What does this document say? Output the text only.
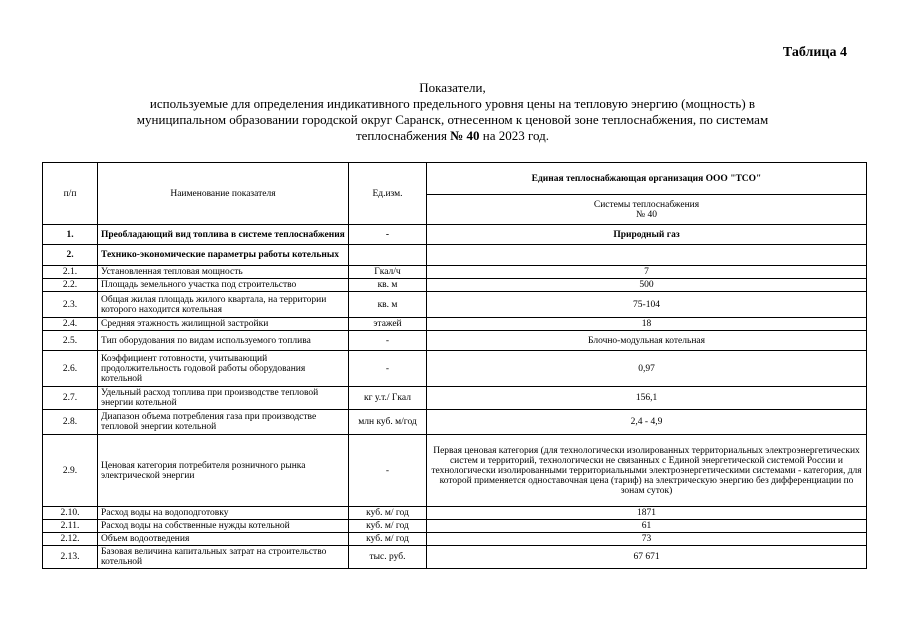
Таблица 4
Показатели,
используемые для определения индикативного предельного уровня цены на тепловую энергию (мощность) в
муниципальном образовании городской округ Саранск, отнесенном к ценовой зоне теплоснабжения, по системам
теплоснабжения № 40 на 2023 год.
п/п	Наименование показателя	Ед.изм.	Единая теплоснабжающая организация ООО "ТСО"

			Системы теплоснабжения
№ 40

1.	Преобладающий вид топлива в системе теплоснабжения	-	Природный газ
2.	Технико-экономические параметры работы котельных		
2.1.	Установленная тепловая мощность	Гкал/ч	7
2.2.	Площадь земельного участка под строительство	кв. м	500
2.3.	Общая жилая площадь жилого квартала, на территории которого находится котельная	кв. м	75-104
2.4.	Средняя этажность жилищной застройки	этажей	18
2.5.	Тип оборудования по видам используемого топлива	-	Блочно-модульная котельная
2.6.	Коэффициент готовности, учитывающий продолжительность годовой работы оборудования котельной	-	0,97
2.7.	Удельный расход топлива при производстве тепловой энергии котельной	кг у.т./ Гкал	156,1
2.8.	Диапазон объема потребления газа при производстве тепловой энергии котельной	млн куб. м/год	2,4 - 4,9
2.9.	Ценовая категория потребителя розничного рынка электрической энергии	-	Первая ценовая категория (для технологически изолированных территориальных электроэнергетических систем и территорий, технологически не связанных с Единой энергетической системой России и технологически изолированными территориальными электроэнергетическими системами - категория, для которой применяется одноставочная цена (тариф) на электрическую энергию без дифференциации по зонам суток)
2.10.	Расход воды на водоподготовку	куб. м/ год	1871
2.11.	Расход воды на собственные нужды котельной	куб. м/ год	61
2.12.	Объем водоотведения	куб. м/ год	73
2.13.	Базовая величина капитальных затрат на строительство котельной	тыс. руб.	67 671
